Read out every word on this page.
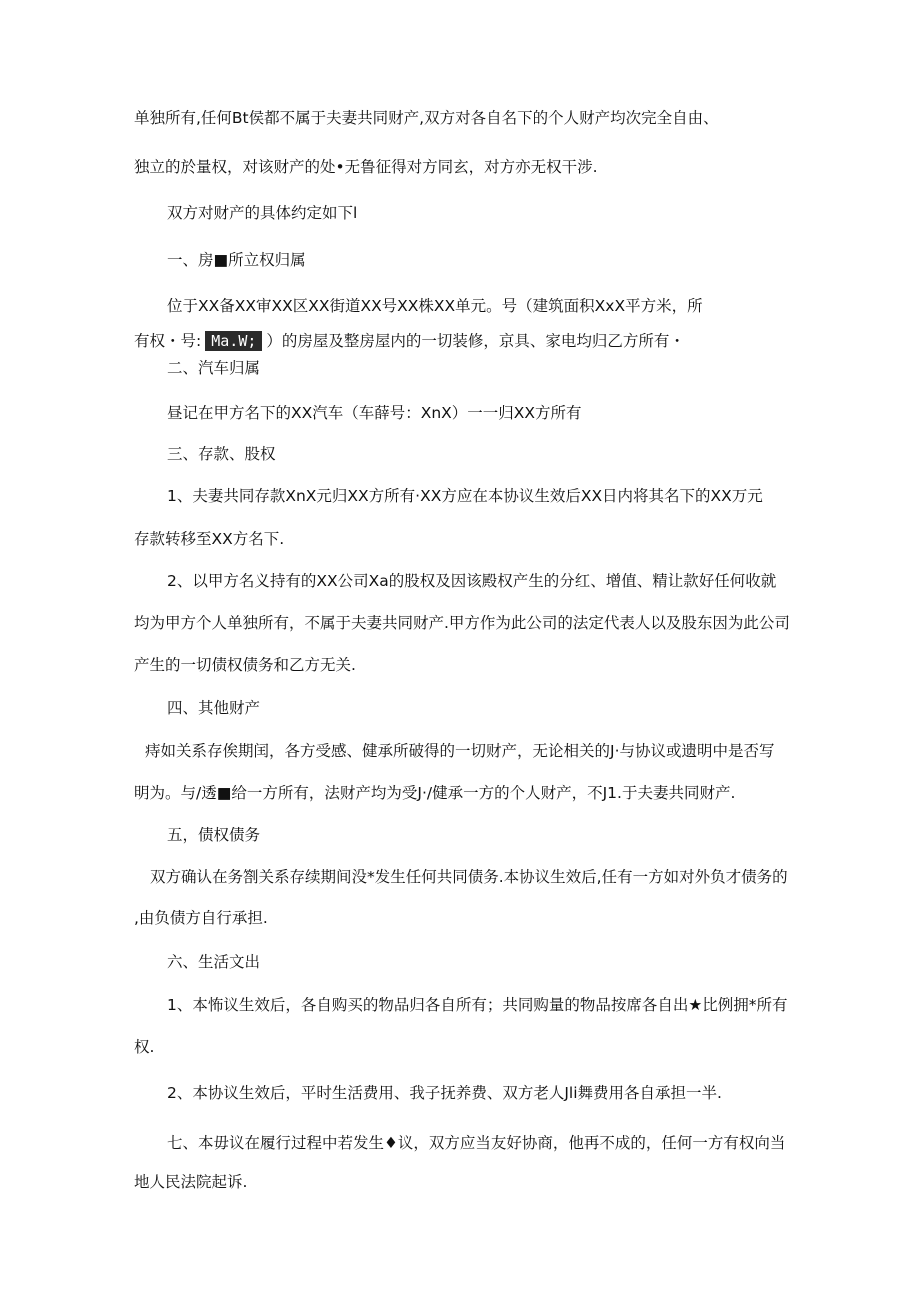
单独所有,任何Bt侯都不属于夫妻共同财产,双方对各自名下的个人财产均次完全自由、
独立的於量权，对该财产的处•无鲁征得对方同玄，对方亦无权干涉.
双方对财产的具体约定如下l
一、房■所立权归属
位于XX备XX审XX区XX街道XX号XX株XX单元。号（建筑面积XxX平方米，所
有权・号: Ma.W; ）的房屋及整房屋内的一切装修，京具、家电均归乙方所有・
二、汽车归属
昼记在甲方名下的XX汽车（车薛号：XnX）一一归XX方所有
三、存款、股权
1、夫妻共同存款XnX元归XX方所有·XX方应在本协议生效后XX日内将其名下的XX万元
存款转移至XX方名下.
2、以甲方名义持有的XX公司Xa的股权及因该殿权产生的分红、增值、精让款好任何收就
均为甲方个人单独所有，不属于夫妻共同财产.甲方作为此公司的法定代表人以及股东因为此公司
产生的一切债权债务和乙方无关.
四、其他财产
痔如关系存俟期闰，各方受感、健承所破得的一切财产，无论相关的J·与协议或遗明中是否写
明为。与/透■给一方所有，法财产均为受J·/健承一方的个人财产，不J1.于夫妻共同财产.
五，债权债务
双方确认在务劄关系存续期间没*发生任何共同债务.本协议生效后,任有一方如对外负才债务的
,由负债方自行承担.
六、生活文出
1、本怖议生效后，各自购买的物品归各自所有；共同购量的物品按席各自出★比例拥*所有
权.
2、本协议生效后，平时生活费用、我子抚养费、双方老人Jli舞费用各自承担一半.
七、本毋议在履行过程中若发生♦议，双方应当友好协商，他再不成的，任何一方有权向当
地人民法院起诉.
